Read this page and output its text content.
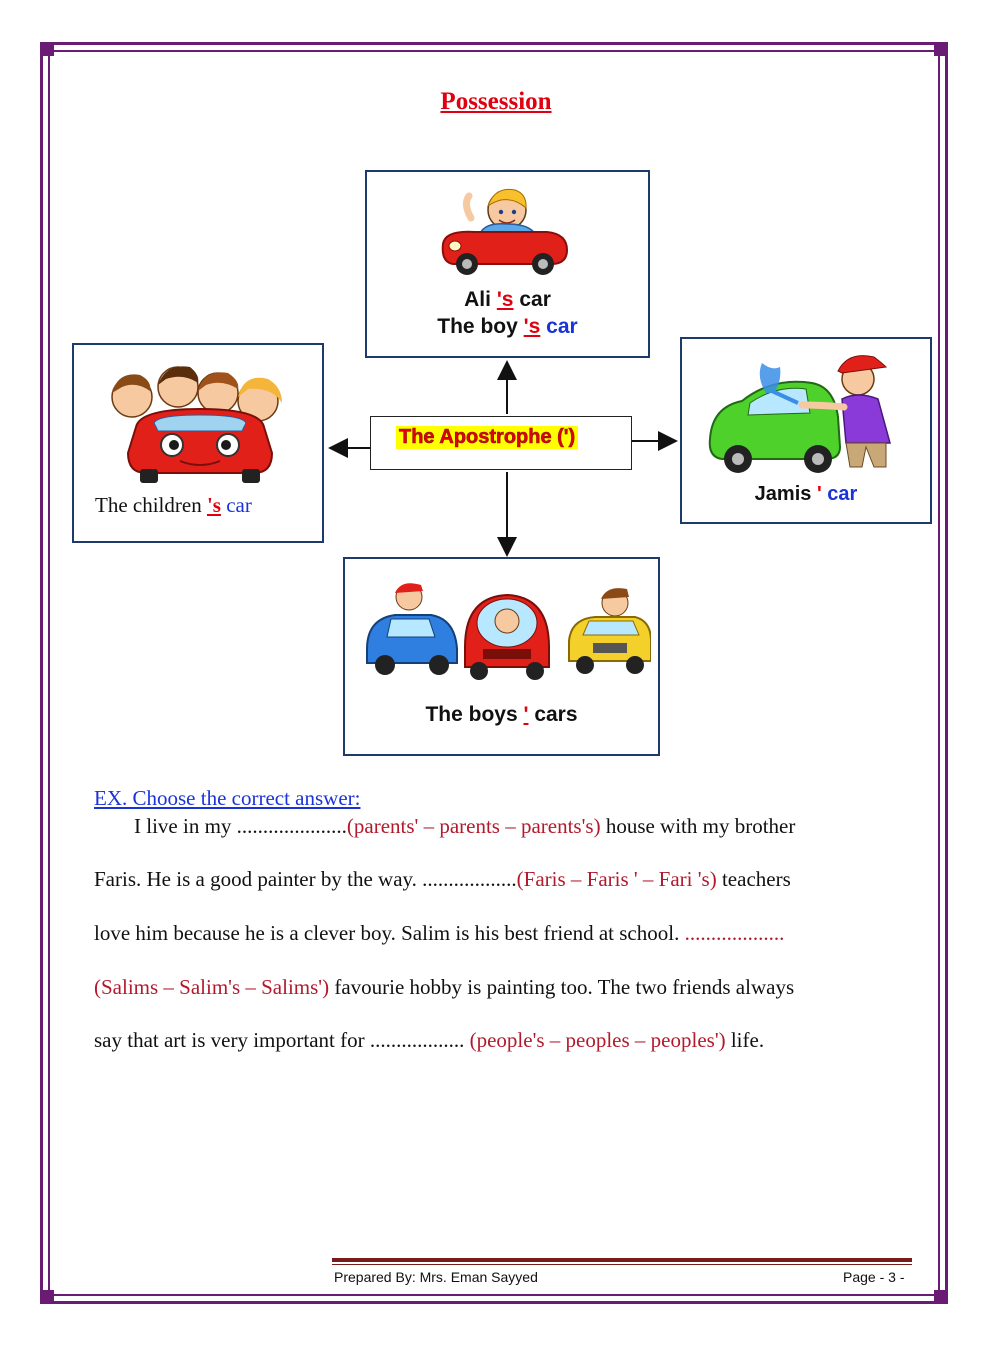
Possession
Ali 's car
The boy 's car
The children 's car
The Apostrophe (')
Jamis ' car
The boys ' cars
EX. Choose the correct answer:
I live in my .....................(parents' – parents – parents's) house with my brother
Faris. He is a good painter by the way. ..................(Faris – Faris ' – Fari 's) teachers
love him because he is a clever boy. Salim is his best friend at school. ...................
(Salims – Salim's – Salims') favourie hobby is painting too. The two friends always
say that art is very important for .................. (people's – peoples – peoples') life.
Prepared By: Mrs. Eman Sayyed	Page - 3 -
